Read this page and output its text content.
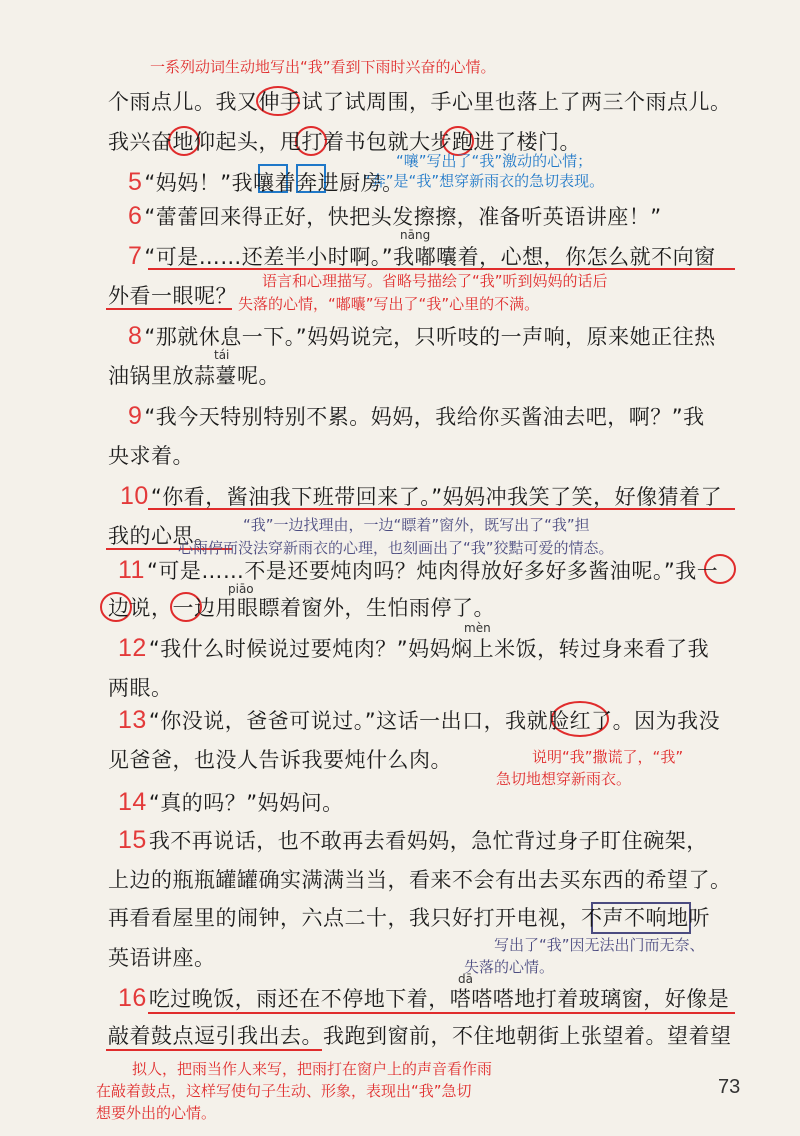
一系列动词生动地写出“我”看到下雨时兴奋的心情。
个雨点儿。我又伸手试了试周围，手心里也落上了两三个雨点儿。
我兴奋地仰起头，甩打着书包就大步跑进了楼门。
“嚷”写出了“我”激动的心情；
“奔”是“我”想穿新雨衣的急切表现。
5“妈妈！”我嚷着奔进厨房。
6“蕾蕾回来得正好，快把头发擦擦，准备听英语讲座！”
nāng
7“可是……还差半小时啊。”我嘟囔着，心想，你怎么就不向窗
语言和心理描写。省略号描绘了“我”听到妈妈的话后
外看一眼呢？ 失落的心情，“嘟囔”写出了“我”心里的不满。
8“那就休息一下。”妈妈说完，只听吱的一声响，原来她正往热
tái
油锅里放蒜薹呢。
9“我今天特别特别不累。妈妈，我给你买酱油去吧，啊？”我
央求着。
10“你看，酱油我下班带回来了。”妈妈冲我笑了笑，好像猜着了
我的心思。 “我”一边找理由，一边“瞟着”窗外，既写出了“我”担
心雨停而没法穿新雨衣的心理，也刻画出了“我”狡黠可爱的情态。
11“可是……不是还要炖肉吗？炖肉得放好多好多酱油呢。”我一
piāo
边说，一边用眼瞟着窗外，生怕雨停了。
mèn
12“我什么时候说过要炖肉？”妈妈焖上米饭，转过身来看了我
两眼。
13“你没说，爸爸可说过。”这话一出口，我就脸红了。因为我没
见爸爸，也没人告诉我要炖什么肉。	说明“我”撒谎了，“我”
急切地想穿新雨衣。
14“真的吗？”妈妈问。
15我不再说话，也不敢再去看妈妈，急忙背过身子盯住碗架，
上边的瓶瓶罐罐确实满满当当，看来不会有出去买东西的希望了。
再看看屋里的闹钟，六点二十，我只好打开电视，不声不响地听
写出了“我”因无法出门而无奈、
英语讲座。	失落的心情。
dā
16吃过晚饭，雨还在不停地下着，嗒嗒嗒地打着玻璃窗，好像是
敲着鼓点逗引我出去。我跑到窗前，不住地朝街上张望着。望着望
拟人，把雨当作人来写，把雨打在窗户上的声音看作雨
在敲着鼓点，这样写使句子生动、形象，表现出“我”急切
想要外出的心情。
73
